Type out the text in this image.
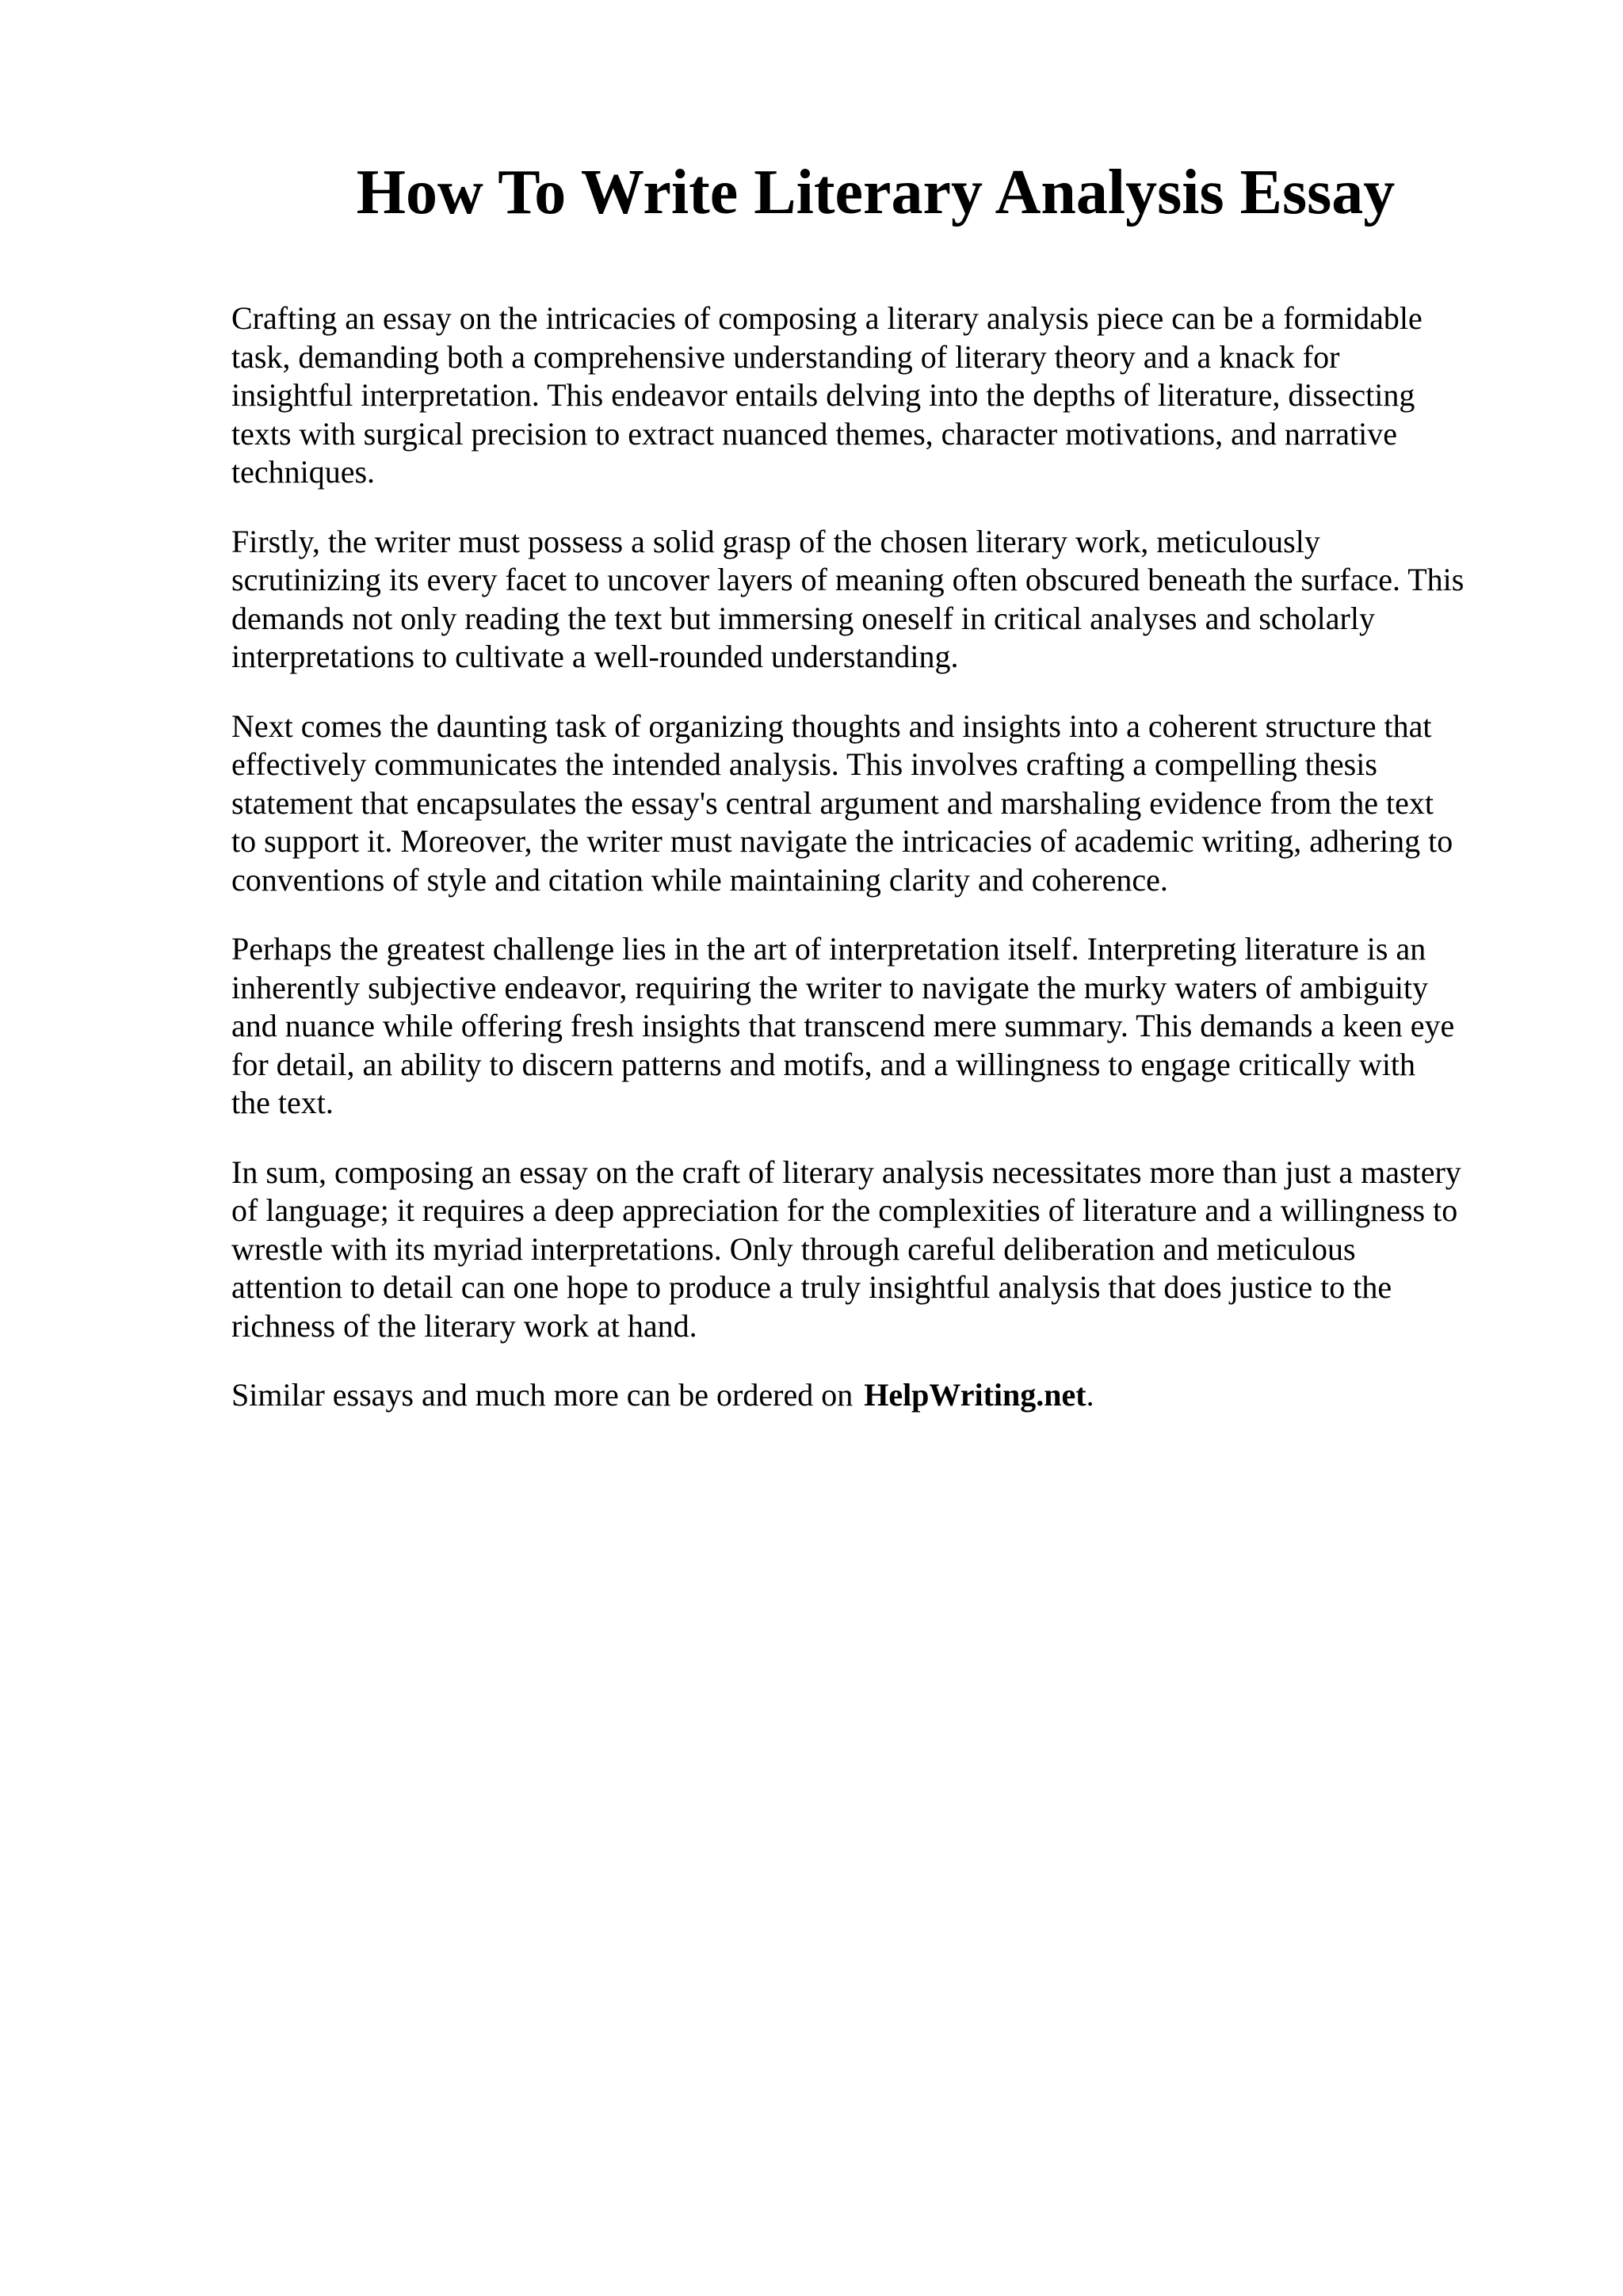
How To Write Literary Analysis Essay

Crafting an essay on the intricacies of composing a literary analysis piece can be a formidable
task, demanding both a comprehensive understanding of literary theory and a knack for
insightful interpretation. This endeavor entails delving into the depths of literature, dissecting
texts with surgical precision to extract nuanced themes, character motivations, and narrative
techniques.

Firstly, the writer must possess a solid grasp of the chosen literary work, meticulously
scrutinizing its every facet to uncover layers of meaning often obscured beneath the surface. This
demands not only reading the text but immersing oneself in critical analyses and scholarly
interpretations to cultivate a well-rounded understanding.

Next comes the daunting task of organizing thoughts and insights into a coherent structure that
effectively communicates the intended analysis. This involves crafting a compelling thesis
statement that encapsulates the essay's central argument and marshaling evidence from the text
to support it. Moreover, the writer must navigate the intricacies of academic writing, adhering to
conventions of style and citation while maintaining clarity and coherence.

Perhaps the greatest challenge lies in the art of interpretation itself. Interpreting literature is an
inherently subjective endeavor, requiring the writer to navigate the murky waters of ambiguity
and nuance while offering fresh insights that transcend mere summary. This demands a keen eye
for detail, an ability to discern patterns and motifs, and a willingness to engage critically with
the text.

In sum, composing an essay on the craft of literary analysis necessitates more than just a mastery
of language; it requires a deep appreciation for the complexities of literature and a willingness to
wrestle with its myriad interpretations. Only through careful deliberation and meticulous
attention to detail can one hope to produce a truly insightful analysis that does justice to the
richness of the literary work at hand.

Similar essays and much more can be ordered on HelpWriting.net.
